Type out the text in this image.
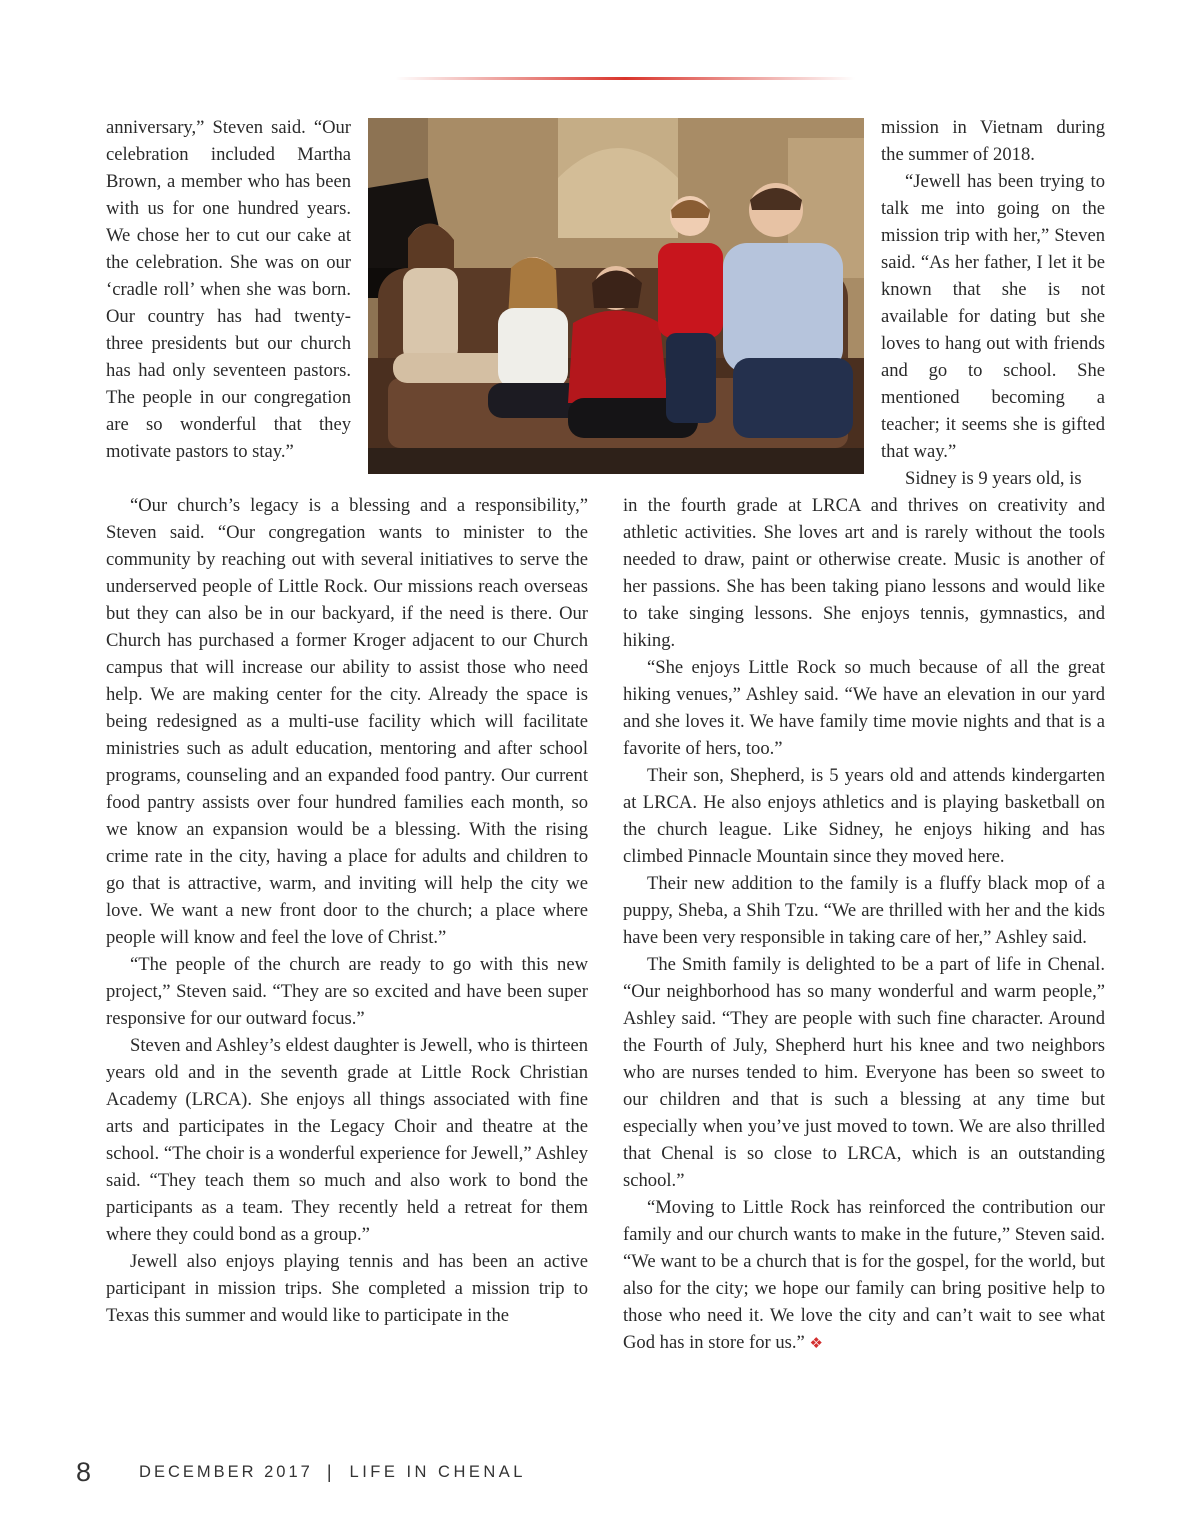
anniversary,” Steven said. “Our celebration included Martha Brown, a member who has been with us for one hundred years. We chose her to cut our cake at the celebration. She was on our ‘cradle roll’ when she was born. Our country has had twenty-three presidents but our church has had only seventeen pastors. The people in our congregation are so wonderful that they motivate pastors to stay.”

mission in Vietnam during the summer of 2018.

“Jewell has been trying to talk me into going on the mission trip with her,” Steven said. “As her father, I let it be known that she is not available for dating but she loves to hang out with friends and go to school. She mentioned becoming a teacher; it seems she is gifted that way.”

Sidney is 9 years old, is

“Our church’s legacy is a blessing and a responsibility,” Steven said. “Our congregation wants to minister to the community by reaching out with several initiatives to serve the underserved people of Little Rock. Our missions reach overseas but they can also be in our backyard, if the need is there. Our Church has purchased a former Kroger adjacent to our Church campus that will increase our ability to assist those who need help. We are making center for the city. Already the space is being redesigned as a multi-use facility which will facilitate ministries such as adult education, mentoring and after school programs, counseling and an expanded food pantry. Our current food pantry assists over four hundred families each month, so we know an expansion would be a blessing. With the rising crime rate in the city, having a place for adults and children to go that is attractive, warm, and inviting will help the city we love. We want a new front door to the church; a place where people will know and feel the love of Christ.”

“The people of the church are ready to go with this new project,” Steven said. “They are so excited and have been super responsive for our outward focus.”

Steven and Ashley’s eldest daughter is Jewell, who is thirteen years old and in the seventh grade at Little Rock Christian Academy (LRCA). She enjoys all things associated with fine arts and participates in the Legacy Choir and theatre at the school. “The choir is a wonderful experience for Jewell,” Ashley said. “They teach them so much and also work to bond the participants as a team. They recently held a retreat for them where they could bond as a group.”

Jewell also enjoys playing tennis and has been an active participant in mission trips. She completed a mission trip to Texas this summer and would like to participate in the

in the fourth grade at LRCA and thrives on creativity and athletic activities. She loves art and is rarely without the tools needed to draw, paint or otherwise create. Music is another of her passions. She has been taking piano lessons and would like to take singing lessons. She enjoys tennis, gymnastics, and hiking.

“She enjoys Little Rock so much because of all the great hiking venues,” Ashley said. “We have an elevation in our yard and she loves it. We have family time movie nights and that is a favorite of hers, too.”

Their son, Shepherd, is 5 years old and attends kindergarten at LRCA. He also enjoys athletics and is playing basketball on the church league. Like Sidney, he enjoys hiking and has climbed Pinnacle Mountain since they moved here.

Their new addition to the family is a fluffy black mop of a puppy, Sheba, a Shih Tzu. “We are thrilled with her and the kids have been very responsible in taking care of her,” Ashley said.

The Smith family is delighted to be a part of life in Chenal. “Our neighborhood has so many wonderful and warm people,” Ashley said. “They are people with such fine character. Around the Fourth of July, Shepherd hurt his knee and two neighbors who are nurses tended to him. Everyone has been so sweet to our children and that is such a blessing at any time but especially when you’ve just moved to town. We are also thrilled that Chenal is so close to LRCA, which is an outstanding school.”

“Moving to Little Rock has reinforced the contribution our family and our church wants to make in the future,” Steven said. “We want to be a church that is for the gospel, for the world, but also for the city; we hope our family can bring positive help to those who need it. We love the city and can’t wait to see what God has in store for us.” ❖

8	DECEMBER 2017 | LIFE IN CHENAL
